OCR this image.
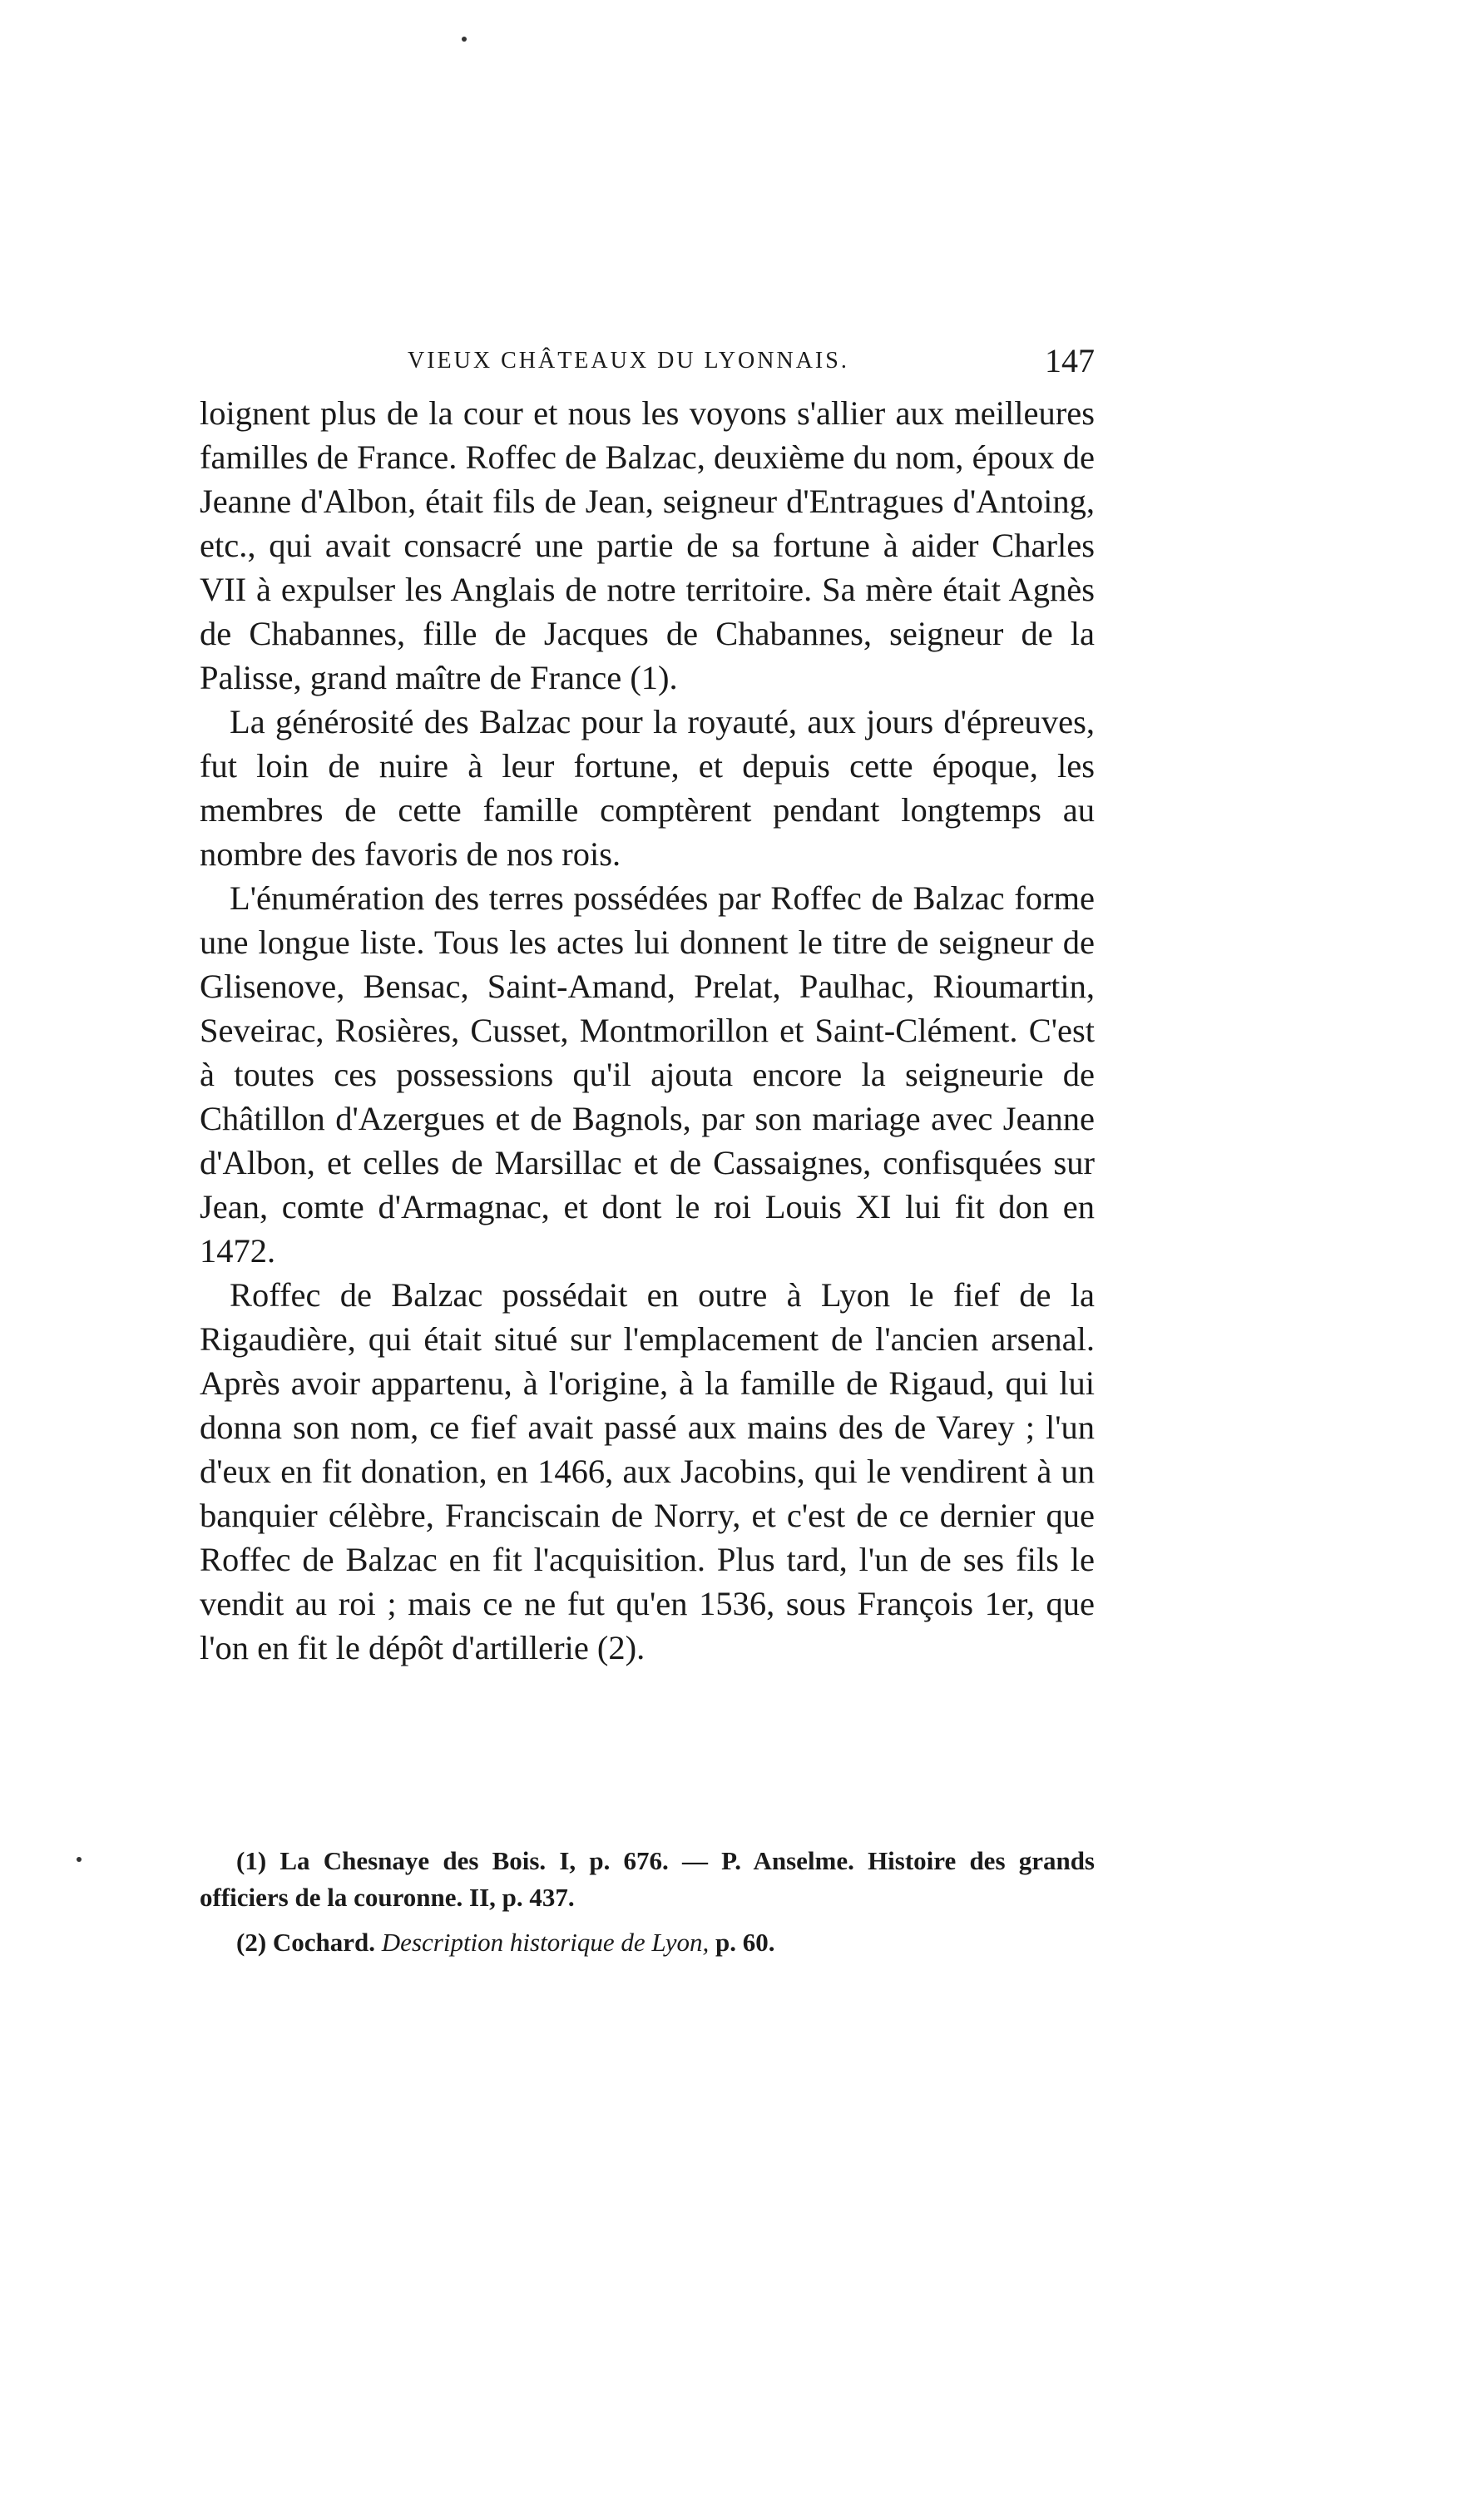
VIEUX CHÂTEAUX DU LYONNAIS.	147

loignent plus de la cour et nous les voyons s'allier aux meilleures familles de France. Roffec de Balzac, deuxième du nom, époux de Jeanne d'Albon, était fils de Jean, seigneur d'Entragues d'Antoing, etc., qui avait consacré une partie de sa fortune à aider Charles VII à expulser les Anglais de notre territoire. Sa mère était Agnès de Chabannes, fille de Jacques de Chabannes, seigneur de la Palisse, grand maître de France (1).

La générosité des Balzac pour la royauté, aux jours d'épreuves, fut loin de nuire à leur fortune, et depuis cette époque, les membres de cette famille comptèrent pendant longtemps au nombre des favoris de nos rois.

L'énumération des terres possédées par Roffec de Balzac forme une longue liste. Tous les actes lui donnent le titre de seigneur de Glisenove, Bensac, Saint-Amand, Prelat, Paulhac, Rioumartin, Seveirac, Rosières, Cusset, Montmorillon et Saint-Clément. C'est à toutes ces possessions qu'il ajouta encore la seigneurie de Châtillon d'Azergues et de Bagnols, par son mariage avec Jeanne d'Albon, et celles de Marsillac et de Cassaignes, confisquées sur Jean, comte d'Armagnac, et dont le roi Louis XI lui fit don en 1472.

Roffec de Balzac possédait en outre à Lyon le fief de la Rigaudière, qui était situé sur l'emplacement de l'ancien arsenal. Après avoir appartenu, à l'origine, à la famille de Rigaud, qui lui donna son nom, ce fief avait passé aux mains des de Varey ; l'un d'eux en fit donation, en 1466, aux Jacobins, qui le vendirent à un banquier célèbre, Franciscain de Norry, et c'est de ce dernier que Roffec de Balzac en fit l'acquisition. Plus tard, l'un de ses fils le vendit au roi ; mais ce ne fut qu'en 1536, sous François 1er, que l'on en fit le dépôt d'artillerie (2).

(1) La Chesnaye des Bois. I, p. 676. — P. Anselme. Histoire des grands officiers de la couronne. II, p. 437.

(2) Cochard. Description historique de Lyon, p. 60.
